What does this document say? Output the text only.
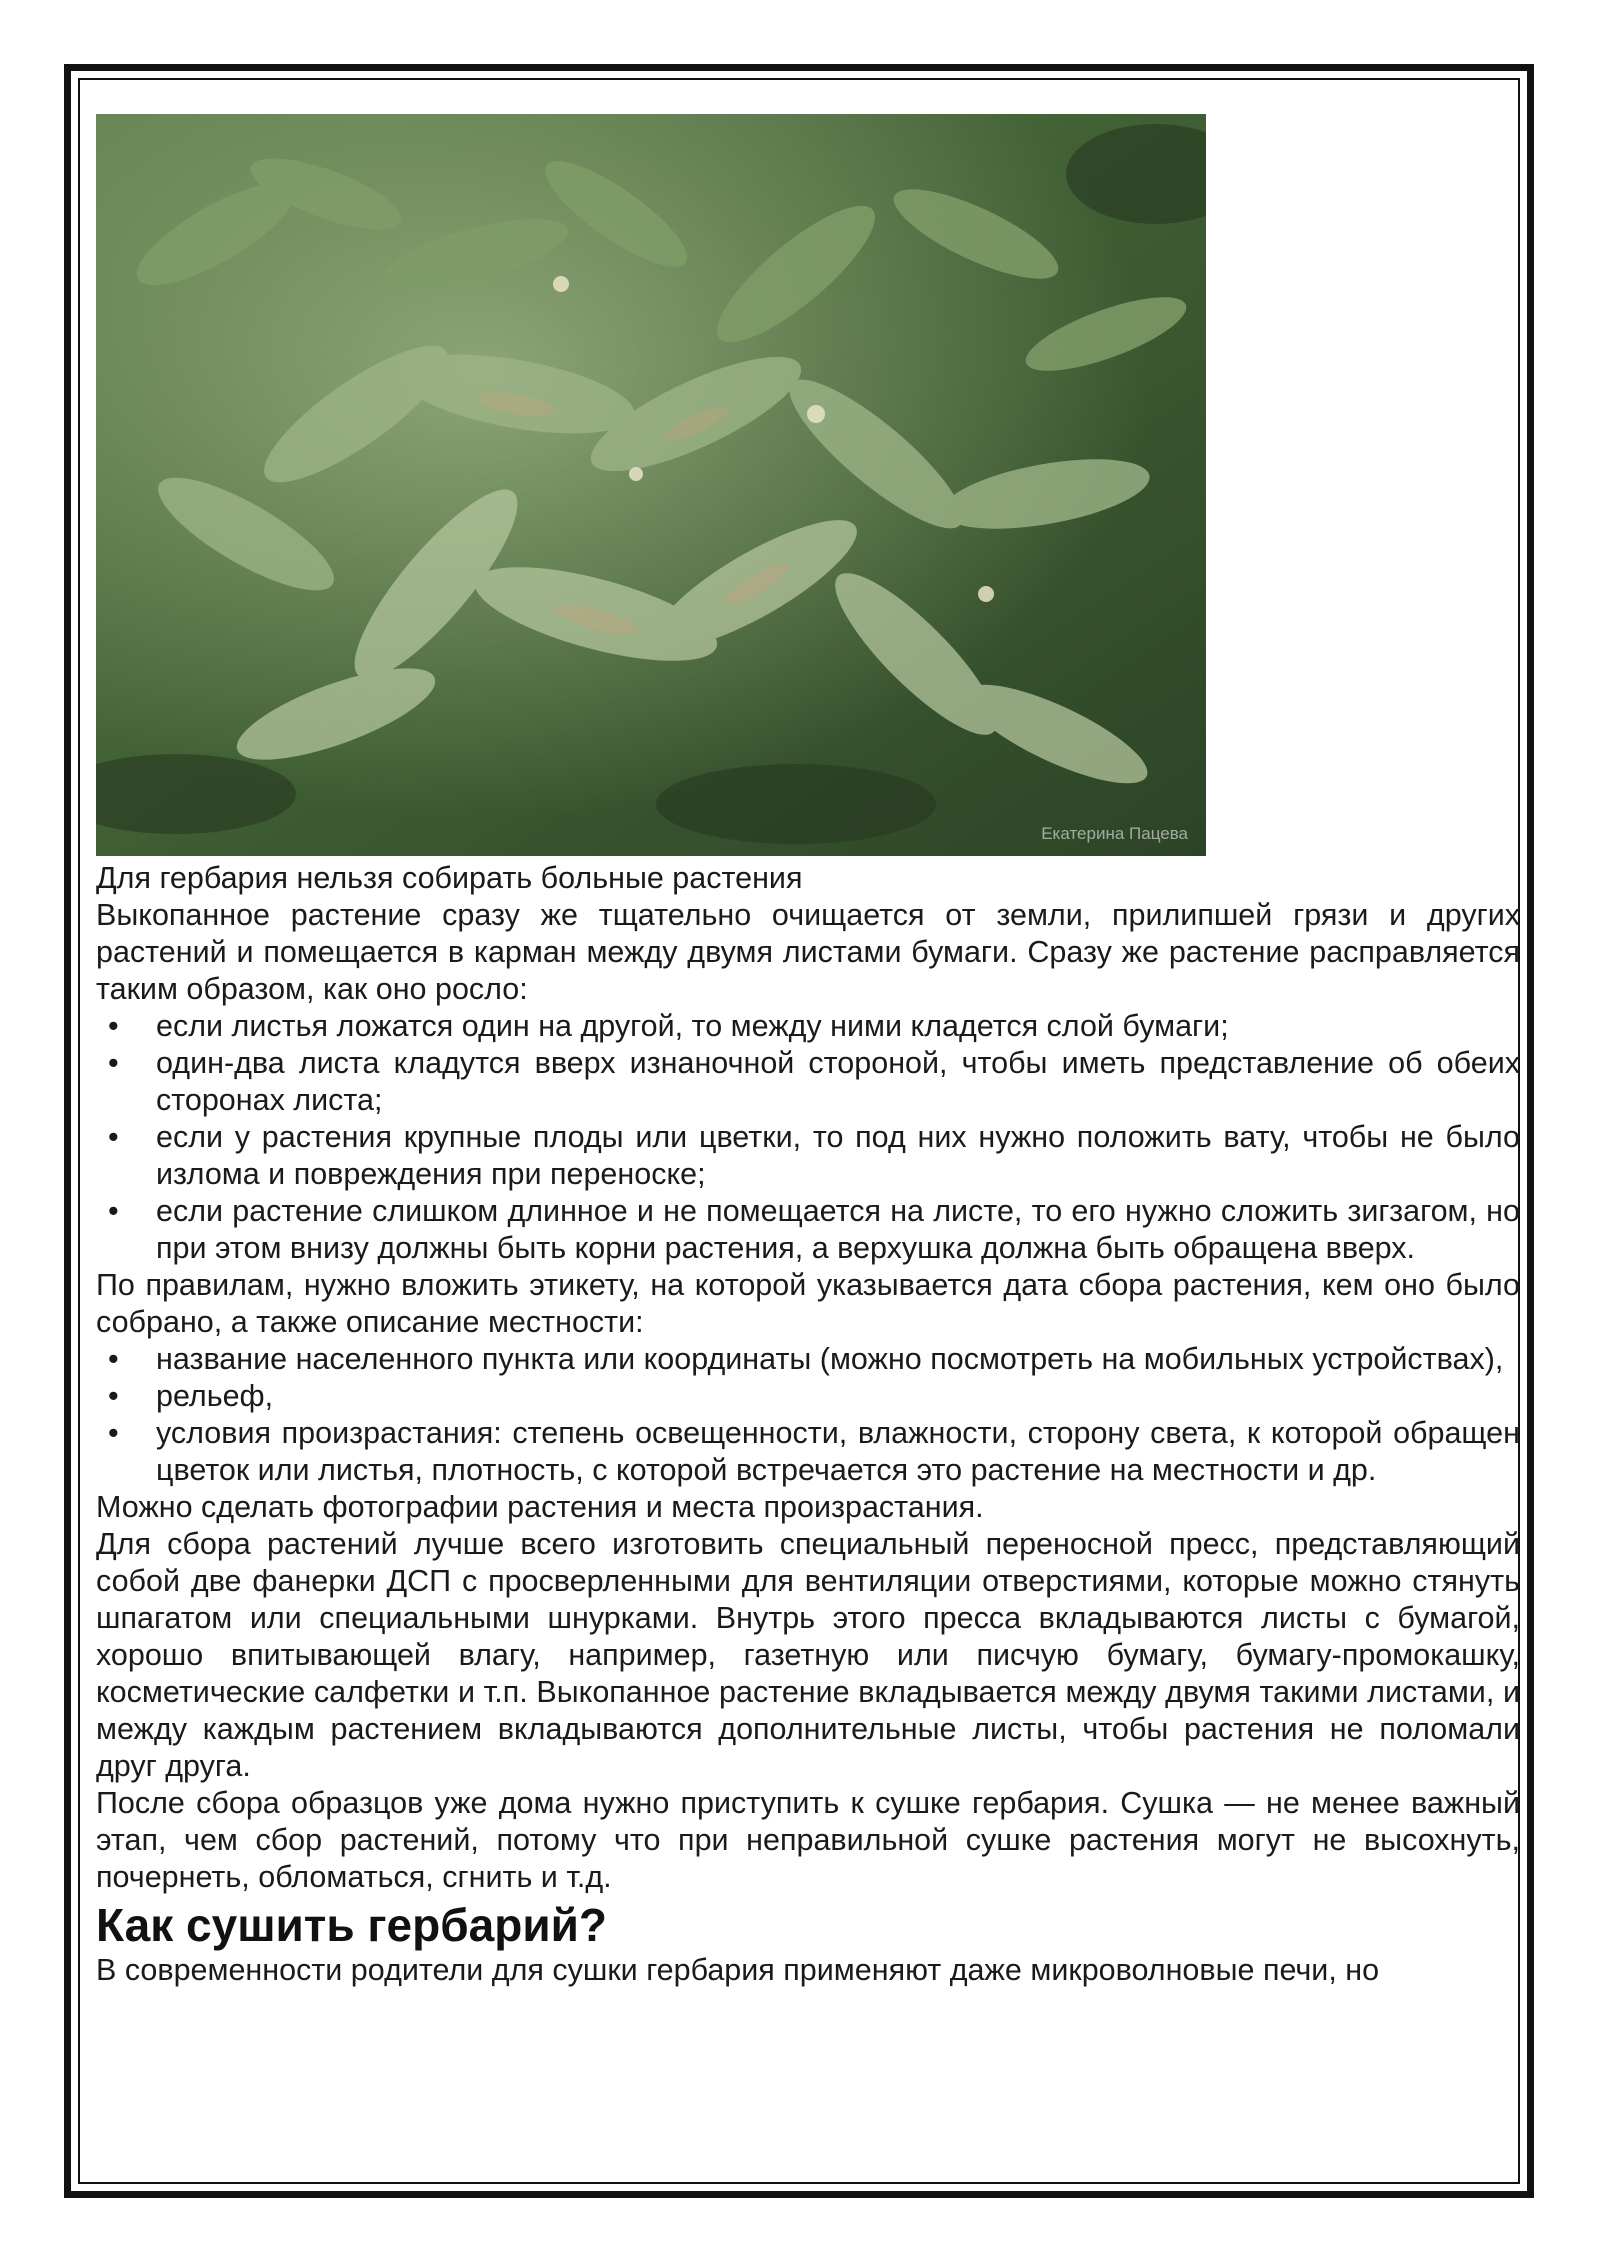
Екатерина Пацева

Для гербария нельзя собирать больные растения

Выкопанное растение сразу же тщательно очищается от земли, прилипшей грязи и других растений и помещается в карман между двумя листами бумаги. Сразу же растение расправляется таким образом, как оно росло:

• если листья ложатся один на другой, то между ними кладется слой бумаги;
• один-два листа кладутся вверх изнаночной стороной, чтобы иметь представление об обеих сторонах листа;
• если у растения крупные плоды или цветки, то под них нужно положить вату, чтобы не было излома и повреждения при переноске;
• если растение слишком длинное и не помещается на листе, то его нужно сложить зигзагом, но при этом внизу должны быть корни растения, а верхушка должна быть обращена вверх.

По правилам, нужно вложить этикету, на которой указывается дата сбора растения, кем оно было собрано, а также описание местности:

• название населенного пункта или координаты (можно посмотреть на мобильных устройствах),
• рельеф,
• условия произрастания: степень освещенности, влажности, сторону света, к которой обращен цветок или листья, плотность, с которой встречается это растение на местности и др.

Можно сделать фотографии растения и места произрастания.

Для сбора растений лучше всего изготовить специальный переносной пресс, представляющий собой две фанерки ДСП с просверленными для вентиляции отверстиями, которые можно стянуть шпагатом или специальными шнурками. Внутрь этого пресса вкладываются листы с бумагой, хорошо впитывающей влагу, например, газетную или писчую бумагу, бумагу-промокашку, косметические салфетки и т.п. Выкопанное растение вкладывается между двумя такими листами, и между каждым растением вкладываются дополнительные листы, чтобы растения не поломали друг друга.

После сбора образцов уже дома нужно приступить к сушке гербария. Сушка — не менее важный этап, чем сбор растений, потому что при неправильной сушке растения могут не высохнуть, почернеть, обломаться, сгнить и т.д.

Как сушить гербарий?

В современности родители для сушки гербария применяют даже микроволновые печи, но
